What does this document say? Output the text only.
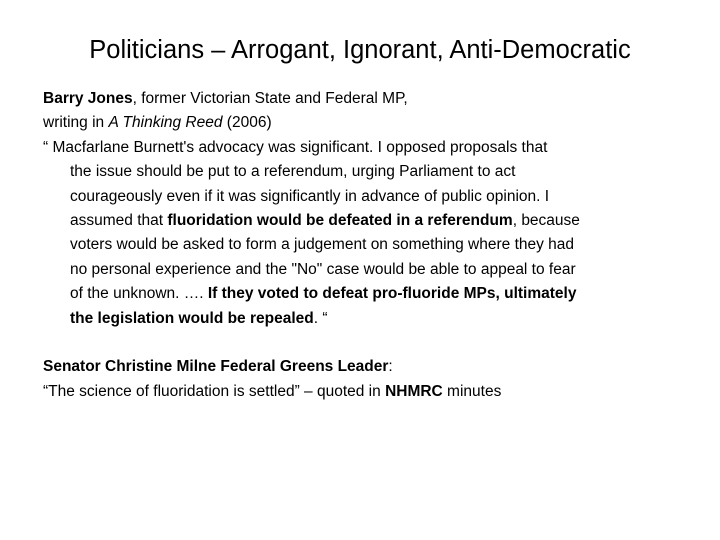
Politicians – Arrogant, Ignorant, Anti-Democratic
Barry Jones, former Victorian State and Federal MP,
writing in A Thinking Reed (2006)
“ Macfarlane Burnett's advocacy was significant. I opposed proposals that
the issue should be put to a referendum, urging Parliament to act
courageously even if it was significantly in advance of public opinion. I
assumed that fluoridation would be defeated in a referendum, because
voters would be asked to form a judgement on something where they had
no personal experience and the "No" case would be able to appeal to fear
of the unknown. …. If they voted to defeat pro-fluoride MPs, ultimately
the legislation would be repealed. “
Senator Christine Milne Federal Greens Leader:
“The science of fluoridation is settled” – quoted in NHMRC minutes
